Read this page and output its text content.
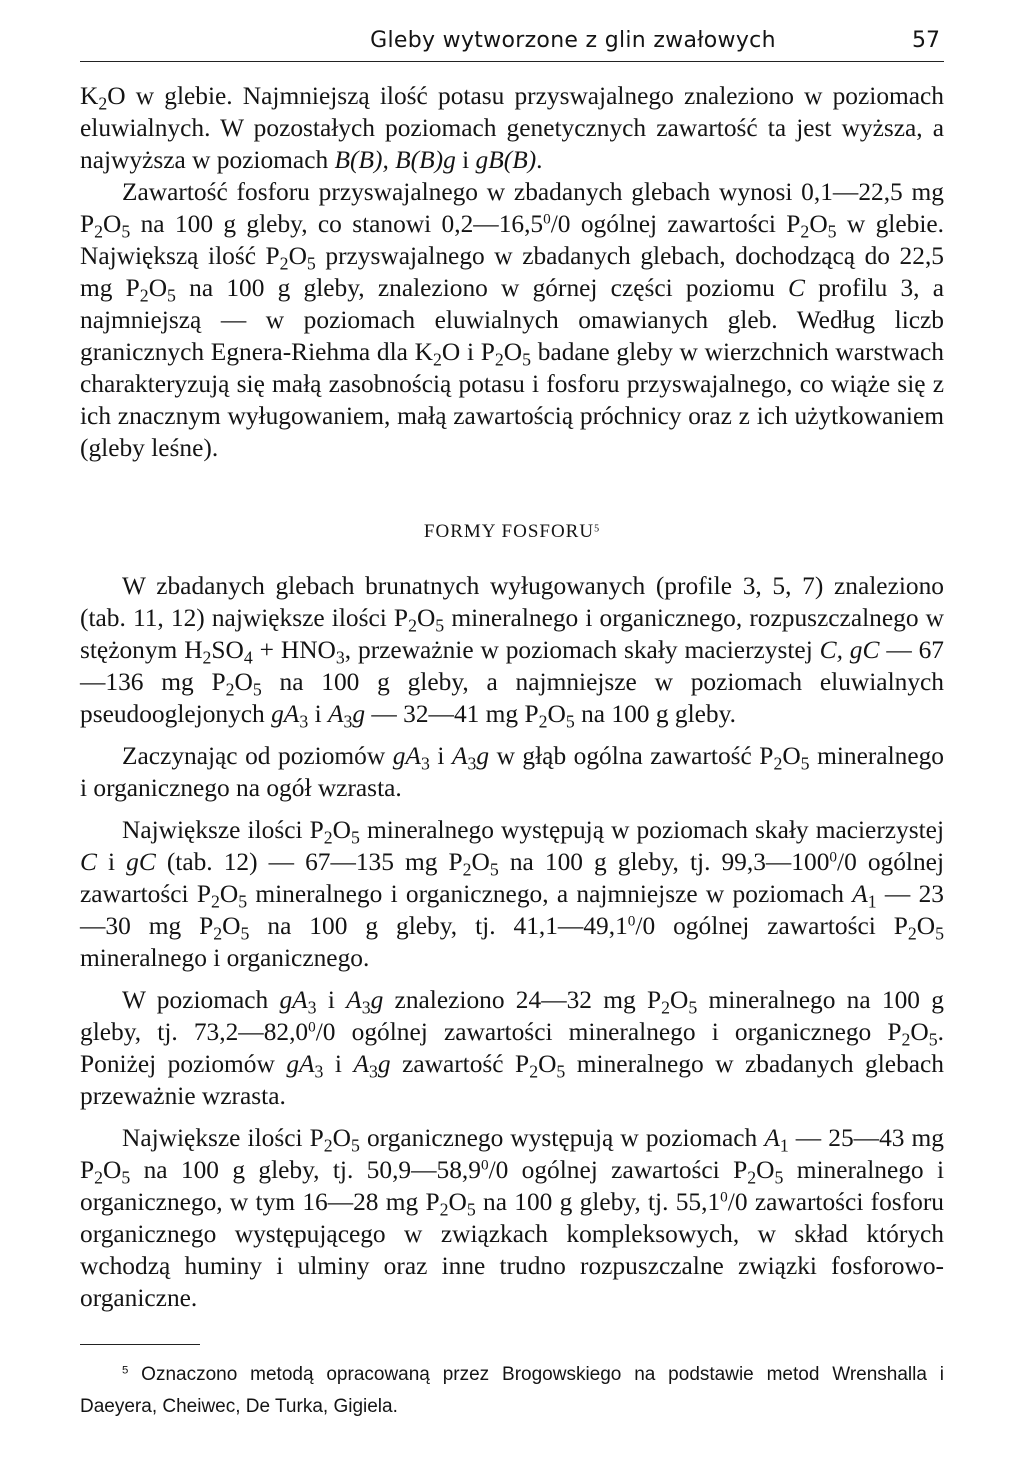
Gleby wytworzone z glin zwałowych	57

$K_2O$ w glebie. Najmniejszą ilość potasu przyswajalnego znaleziono w poziomach eluwialnych. W pozostałych poziomach genetycznych zawartość ta jest wyższa, a najwyższa w poziomach B(B), B(B)g i gB(B).

Zawartość fosforu przyswajalnego w zbadanych glebach wynosi 0,1—22,5 mg $P_2O_5$ na 100 g gleby, co stanowi 0,2—16,5$^0$/0 ogólnej zawartości $P_2O_5$ w glebie. Największą ilość $P_2O_5$ przyswajalnego w zbadanych glebach, dochodzącą do 22,5 mg $P_2O_5$ na 100 g gleby, znaleziono w górnej części poziomu C profilu 3, a najmniejszą — w poziomach eluwialnych omawianych gleb. Według liczb granicznych Egnera-Riehma dla $K_2O$ i $P_2O_5$ badane gleby w wierzchnich warstwach charakteryzują się małą zasobnością potasu i fosforu przyswajalnego, co wiąże się z ich znacznym wyługowaniem, małą zawartością próchnicy oraz z ich użytkowaniem (gleby leśne).

FORMY FOSFORU$^5$

W zbadanych glebach brunatnych wyługowanych (profile 3, 5, 7) znaleziono (tab. 11, 12) największe ilości $P_2O_5$ mineralnego i organicznego, rozpuszczalnego w stężonym $H_2SO_4 + HNO_3$, przeważnie w poziomach skały macierzystej C, gC — 67—136 mg $P_2O_5$ na 100 g gleby, a najmniejsze w poziomach eluwialnych pseudooglejonych $gA_3$ i $A_3g$ — 32—41 mg $P_2O_5$ na 100 g gleby.

Zaczynając od poziomów $gA_3$ i $A_3g$ w głąb ogólna zawartość $P_2O_5$ mineralnego i organicznego na ogół wzrasta.

Największe ilości $P_2O_5$ mineralnego występują w poziomach skały macierzystej C i gC (tab. 12) — 67—135 mg $P_2O_5$ na 100 g gleby, tj. $99,3—100^0/0$ ogólnej zawartości $P_2O_5$ mineralnego i organicznego, a najmniejsze w poziomach $A_1$ — 23—30 mg $P_2O_5$ na 100 g gleby, tj. 41,1—49,1$^0$/0 ogólnej zawartości $P_2O_5$ mineralnego i organicznego.

W poziomach $gA_3$ i $A_3g$ znaleziono 24—32 mg $P_2O_5$ mineralnego na 100 g gleby, tj. 73,2—82,0$^0$/0 ogólnej zawartości mineralnego i organicznego $P_2O_5$. Poniżej poziomów $gA_3$ i $A_3g$ zawartość $P_2O_5$ mineralnego w zbadanych glebach przeważnie wzrasta.

Największe ilości $P_2O_5$ organicznego występują w poziomach $A_1$ — 25—43 mg $P_2O_5$ na 100 g gleby, tj. 50,9—58,9$^0$/0 ogólnej zawartości $P_2O_5$ mineralnego i organicznego, w tym 16—28 mg $P_2O_5$ na 100 g gleby, tj. 55,1$^0$/0 zawartości fosforu organicznego występującego w związkach kompleksowych, w skład których wchodzą huminy i ulminy oraz inne trudno rozpuszczalne związki fosforowo-organiczne.

$^5$ Oznaczono metodą opracowaną przez Brogowskiego na podstawie metod Wrenshalla i Daeyera, Cheiwec, De Turka, Gigiela.
